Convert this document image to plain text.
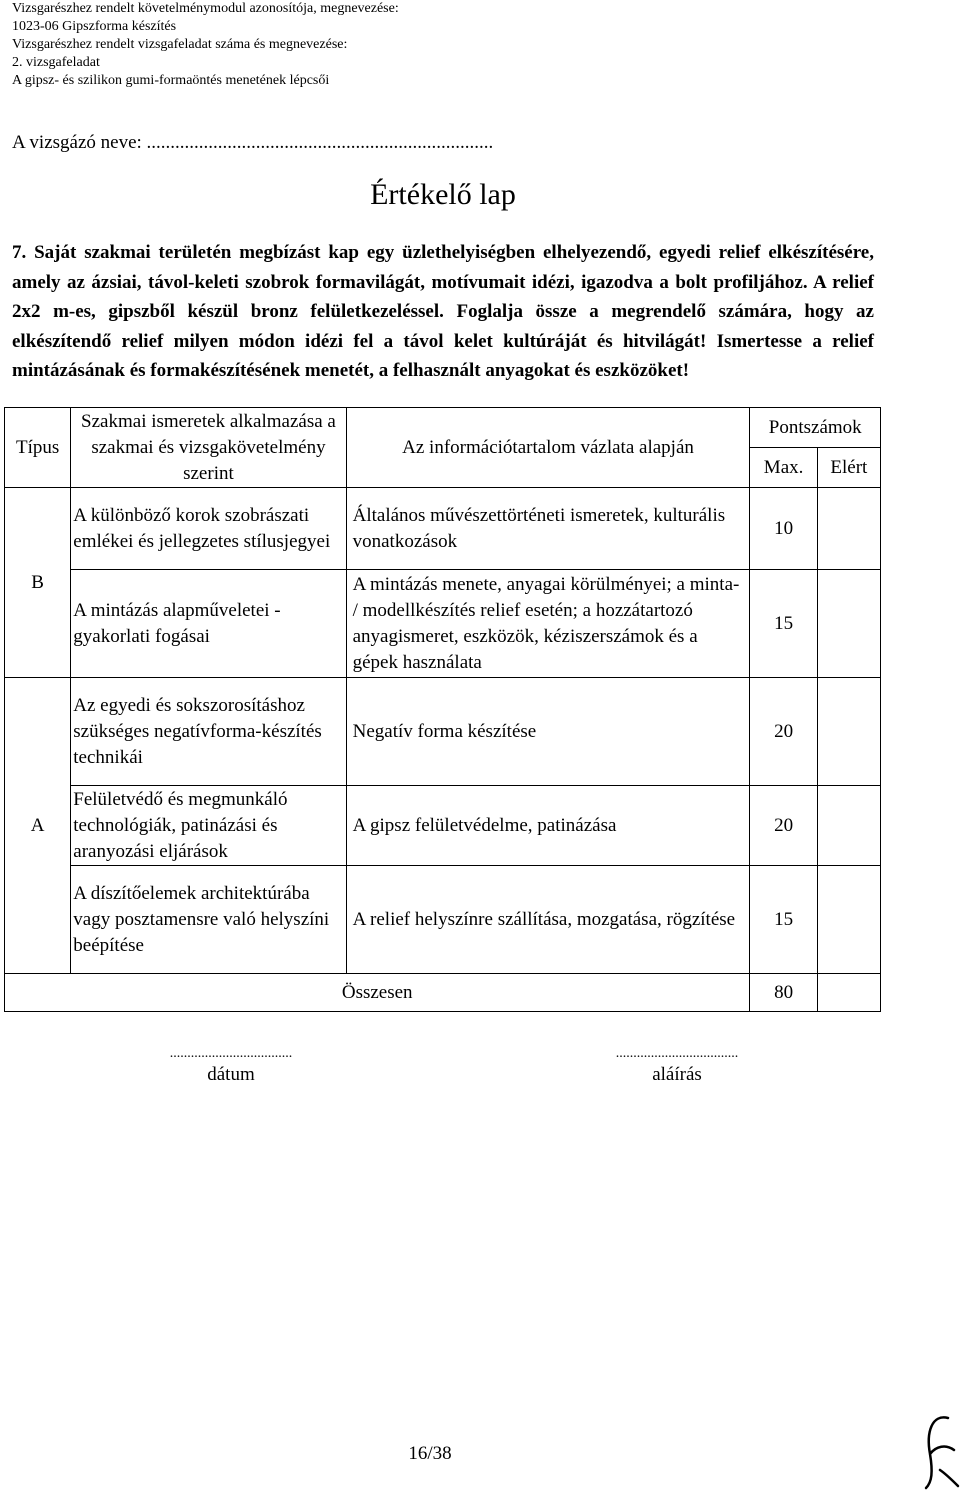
Vizsgarészhez rendelt követelménymodul azonosítója, megnevezése:
1023-06 Gipszforma készítés
Vizsgarészhez rendelt vizsgafeladat száma és megnevezése:
2. vizsgafeladat
A gipsz- és szilikon gumi-formaöntés menetének lépcsői
A vizsgázó neve: .........................................................................
Értékelő lap
7. Saját szakmai területén megbízást kap egy üzlethelyiségben elhelyezendő, egyedi relief elkészítésére, amely az ázsiai, távol-keleti szobrok formavilágát, motívumait idézi, igazodva a bolt profiljához. A relief 2x2 m-es, gipszből készül bronz felületkezeléssel. Foglalja össze a megrendelő számára, hogy az elkészítendő relief milyen módon idézi fel a távol kelet kultúráját és hitvilágát! Ismertesse a relief mintázásának és formakészítésének menetét, a felhasznált anyagokat és eszközöket!
Típus	Szakmai ismeretek alkalmazása a szakmai és vizsgakövetelmény szerint	Az információtartalom vázlata alapján	Pontszámok	
			Max.	Elért
B	A különböző korok szobrászati emlékei és jellegzetes stílusjegyei	Általános művészettörténeti ismeretek, kulturális vonatkozások	10	
	A mintázás alapműveletei - gyakorlati fogásai	A mintázás menete, anyagai körülményei; a minta- / modellkészítés relief esetén; a hozzátartozó anyagismeret, eszközök, kéziszerszámok és a gépek használata	15	
A	Az egyedi és sokszorosításhoz szükséges negatívforma-készítés technikái	Negatív forma készítése	20	
	Felületvédő és megmunkáló technológiák, patinázási és aranyozási eljárások	A gipsz felületvédelme, patinázása	20	
	A díszítőelemek architektúrába vagy posztamensre való helyszíni beépítése	A relief helyszínre szállítása, mozgatása, rögzítése	15	
Összesen			80	
...................................
dátum
...................................
aláírás
16/38
